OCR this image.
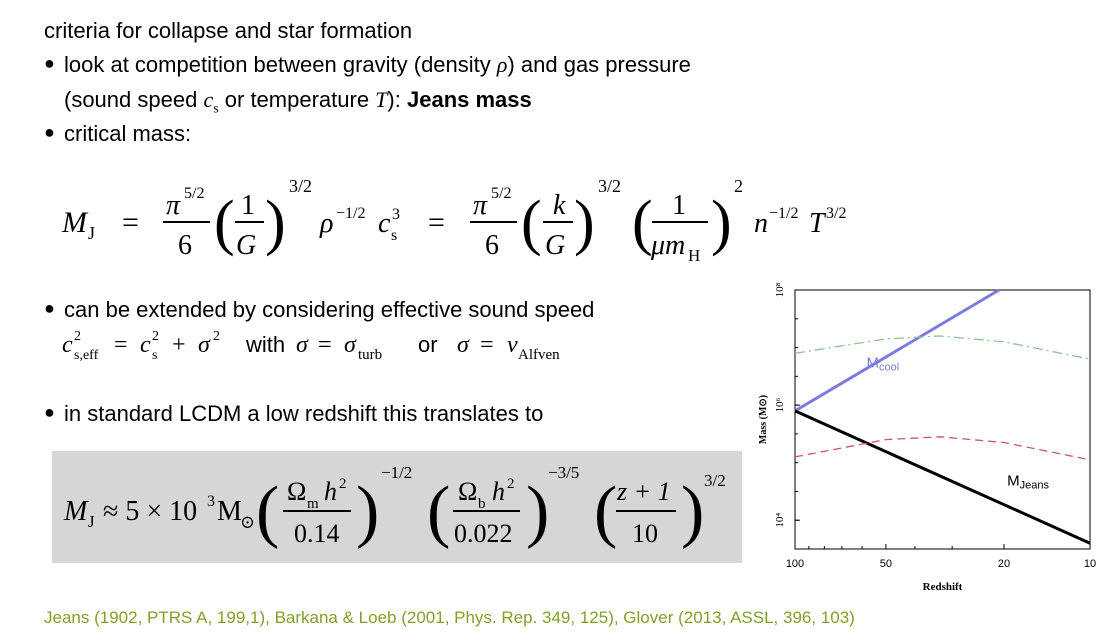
criteria for collapse and star formation
● look at competition between gravity (density ρ) and gas pressure
(sound speed $c_s$ or temperature T): Jeans mass
● critical mass:
M J =
π 5/2
6 ( 1
G )
3/2
ρ −1/2 c 3
s =
π 5/2
6 ( k
G )
3/2
( 1
μm H )
2
n −1/2 T 3/2
● can be extended by considering effective sound speed
c 2
s,eff = c 2
s + σ 2 with σ = σ turb or σ = v Alfven
● in standard LCDM a low redshift this translates to
M J ≈ 5 × 10 3 M
⊙ ( Ω m h 2
0.14 )
−1/2
( Ω b h 2
0.022 )
−3/5
( z + 1
10 ) 3/2
100	50	20	10
10⁴
10⁶
10⁸
Redshift
Mass (M⊙)
$M_{cool}$
$M_{Jeans}$
Jeans (1902, PTRS A, 199,1), Barkana & Loeb (2001, Phys. Rep. 349, 125), Glover (2013, ASSL, 396, 103)
